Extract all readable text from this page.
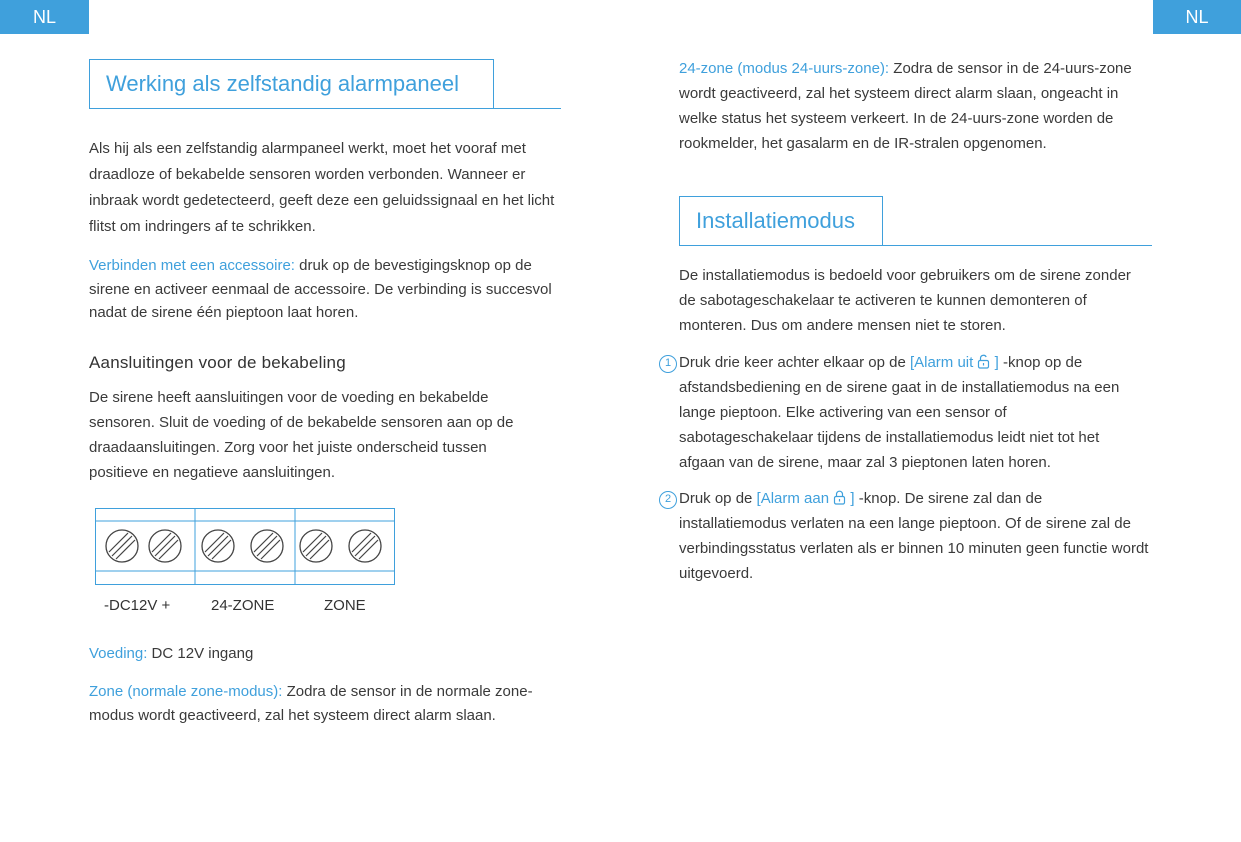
NL	NL
Werking als zelfstandig alarmpaneel

Als hij als een zelfstandig alarmpaneel werkt, moet het vooraf met draadloze of bekabelde sensoren worden verbonden. Wanneer er inbraak wordt gedetecteerd, geeft deze een geluidssignaal en het licht flitst om indringers af te schrikken.

Verbinden met een accessoire: druk op de bevestigingsknop op de sirene en activeer eenmaal de accessoire. De verbinding is succesvol nadat de sirene één pieptoon laat horen.

Aansluitingen voor de bekabeling

De sirene heeft aansluitingen voor de voeding en bekabelde sensoren. Sluit de voeding of de bekabelde sensoren aan op de draadaansluitingen. Zorg voor het juiste onderscheid tussen positieve en negatieve aansluitingen.

-DC12V +	24-ZONE	ZONE

Voeding: DC 12V ingang

Zone (normale zone-modus): Zodra de sensor in de normale zone-modus wordt geactiveerd, zal het systeem direct alarm slaan.

24-zone (modus 24-uurs-zone): Zodra de sensor in de 24-uurs-zone wordt geactiveerd, zal het systeem direct alarm slaan, ongeacht in welke status het systeem verkeert. In de 24-uurs-zone worden de rookmelder, het gasalarm en de IR-stralen opgenomen.

Installatiemodus

De installatiemodus is bedoeld voor gebruikers om de sirene zonder de sabotageschakelaar te activeren te kunnen demonteren of monteren. Dus om andere mensen niet te storen.

1 Druk drie keer achter elkaar op de [Alarm uit  ] -knop op de afstandsbediening en de sirene gaat in de installatiemodus na een lange pieptoon. Elke activering van een sensor of sabotageschakelaar tijdens de installatiemodus leidt niet tot het afgaan van de sirene, maar zal 3 pieptonen laten horen.

2 Druk op de [Alarm aan  ] -knop. De sirene zal dan de installatiemodus verlaten na een lange pieptoon. Of de sirene zal de verbindingsstatus verlaten als er binnen 10 minuten geen functie wordt uitgevoerd.
